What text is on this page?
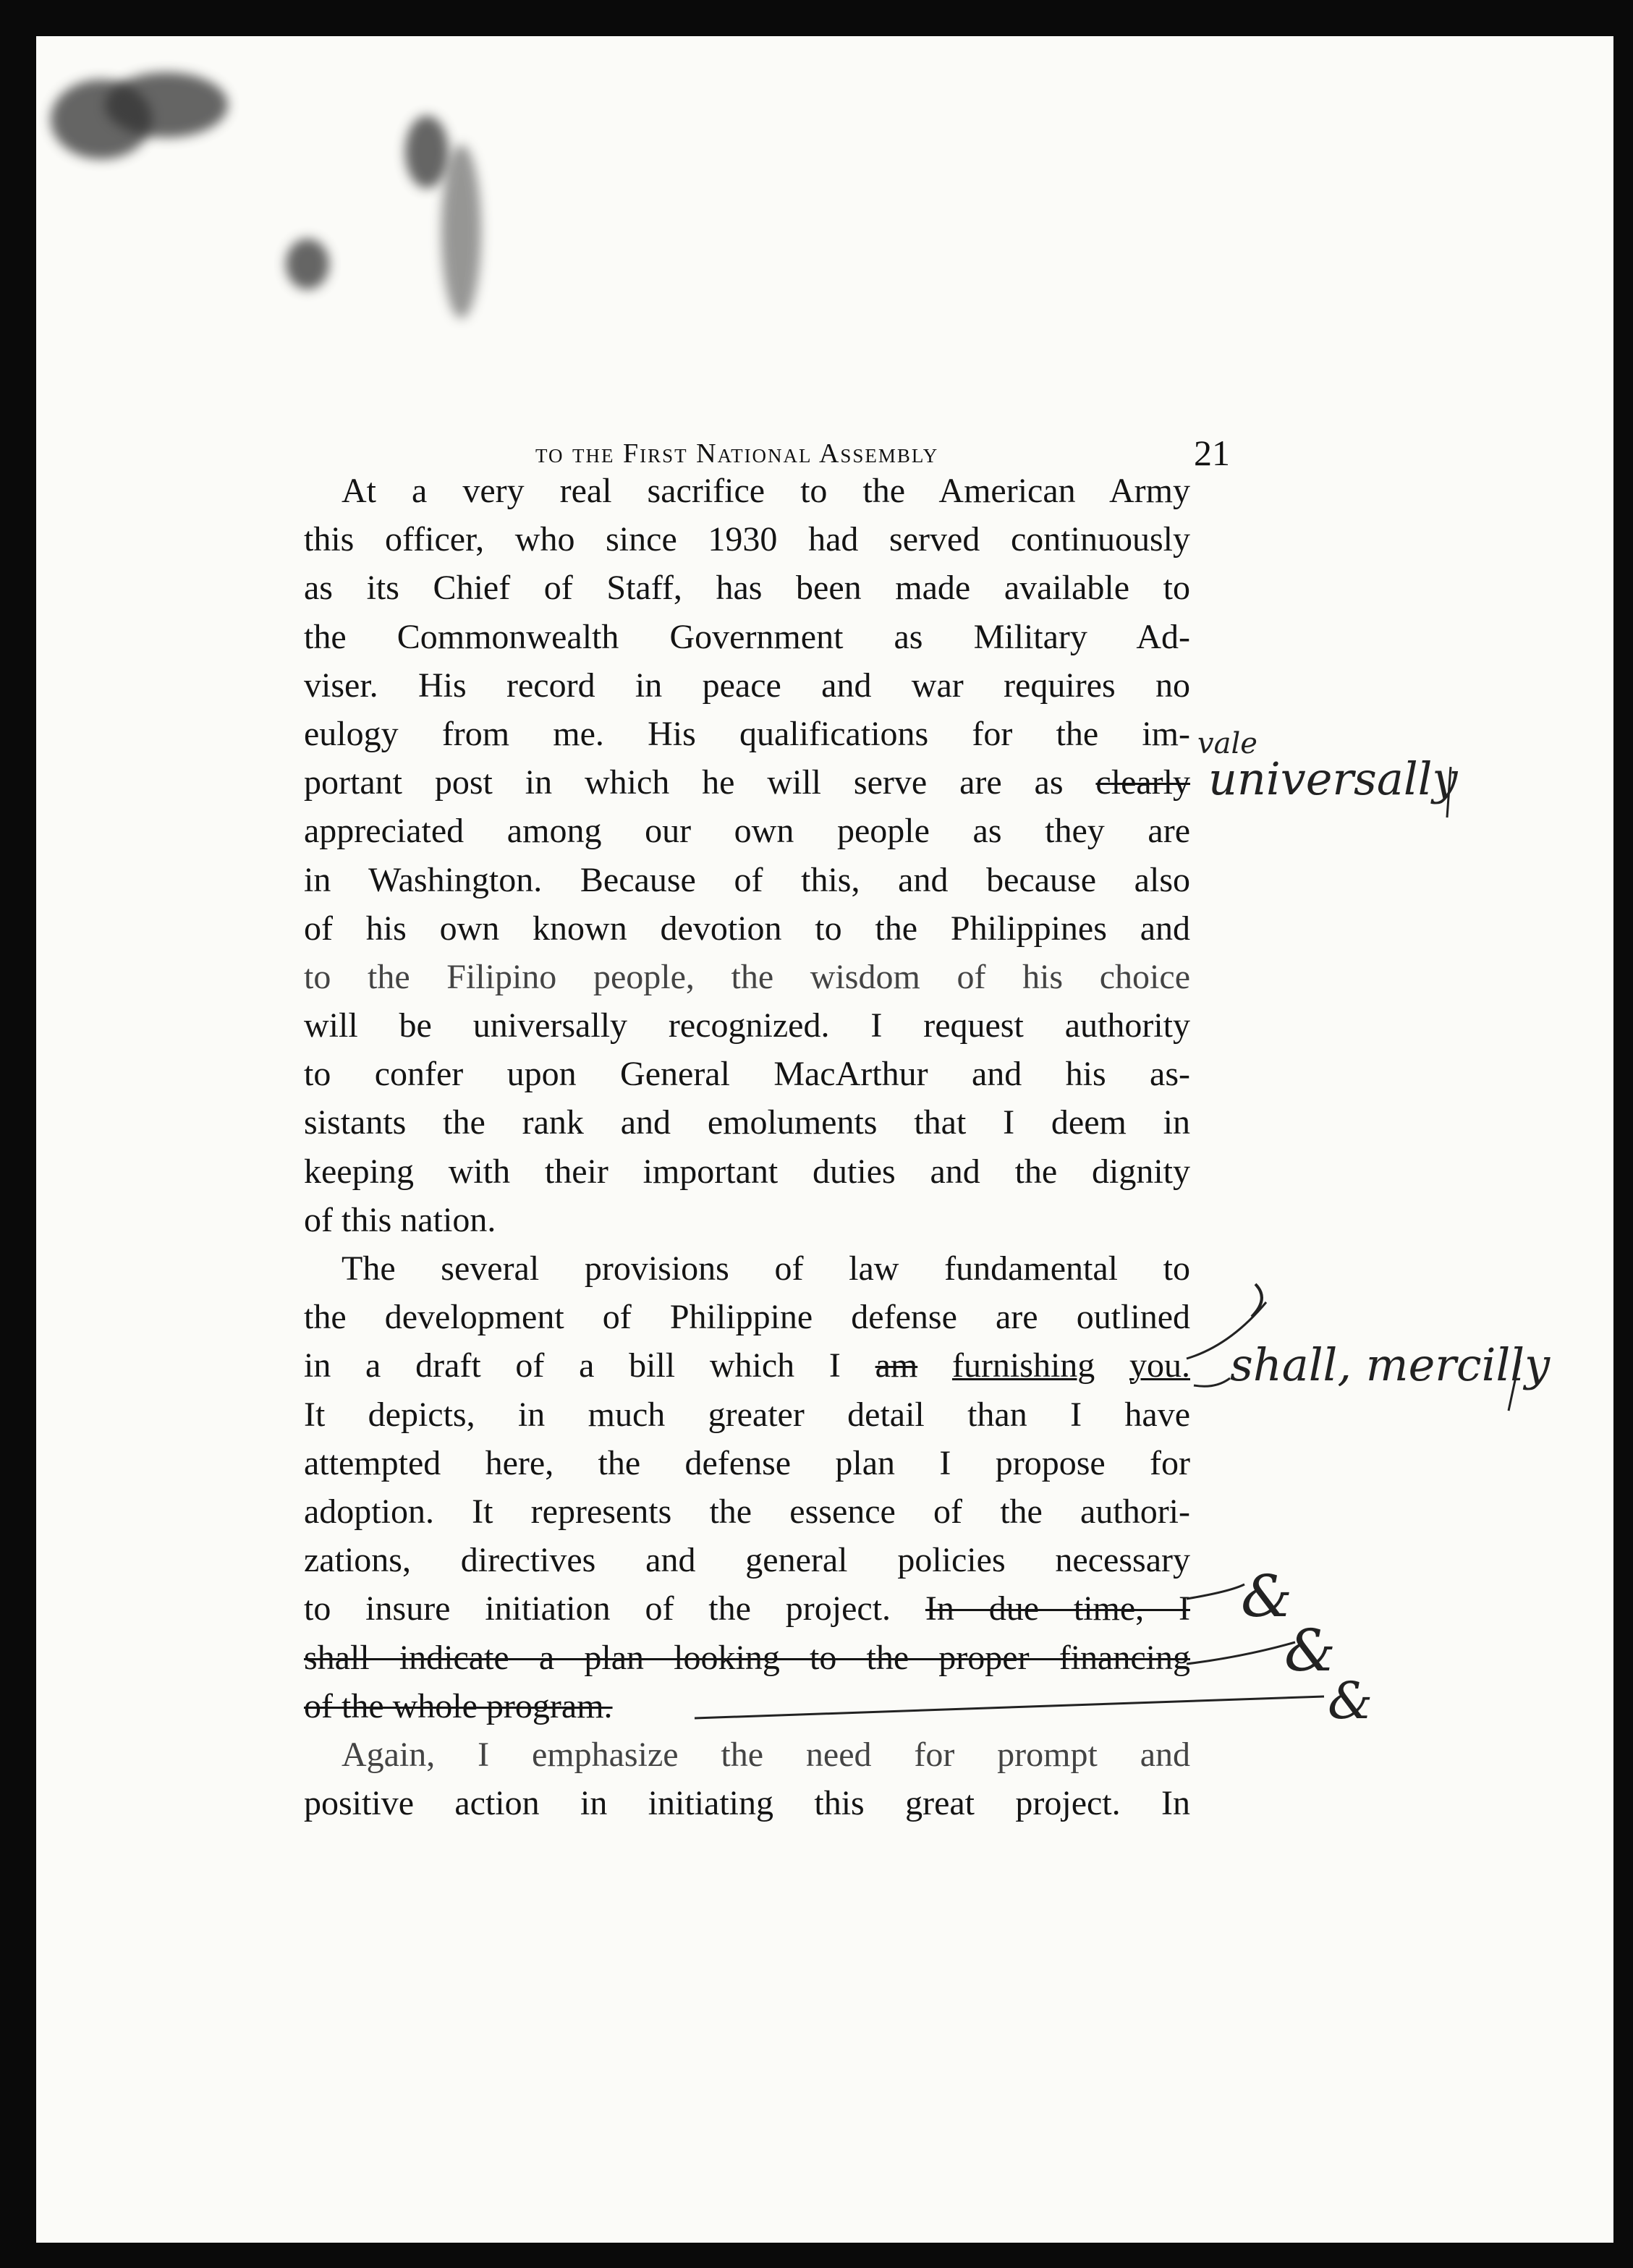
to the First National Assembly	21
At a very real sacrifice to the American Army
this officer, who since 1930 had served continuously
as its Chief of Staff, has been made available to
the Commonwealth Government as Military Ad-
viser. His record in peace and war requires no
eulogy from me. His qualifications for the im-
portant post in which he will serve are as clearly
appreciated among our own people as they are
in Washington. Because of this, and because also
of his own known devotion to the Philippines and
to the Filipino people, the wisdom of his choice
will be universally recognized. I request authority
to confer upon General MacArthur and his as-
sistants the rank and emoluments that I deem in
keeping with their important duties and the dignity
of this nation.
The several provisions of law fundamental to
the development of Philippine defense are outlined
in a draft of a bill which I am furnishing you.
It depicts, in much greater detail than I have
attempted here, the defense plan I propose for
adoption. It represents the essence of the authori-
zations, directives and general policies necessary
to insure initiation of the project. In due time, I
shall indicate a plan looking to the proper financing
of the whole program.
Again, I emphasize the need for prompt and
positive action in initiating this great project. In
vale
universally
shall, mercilly
&
&
&
